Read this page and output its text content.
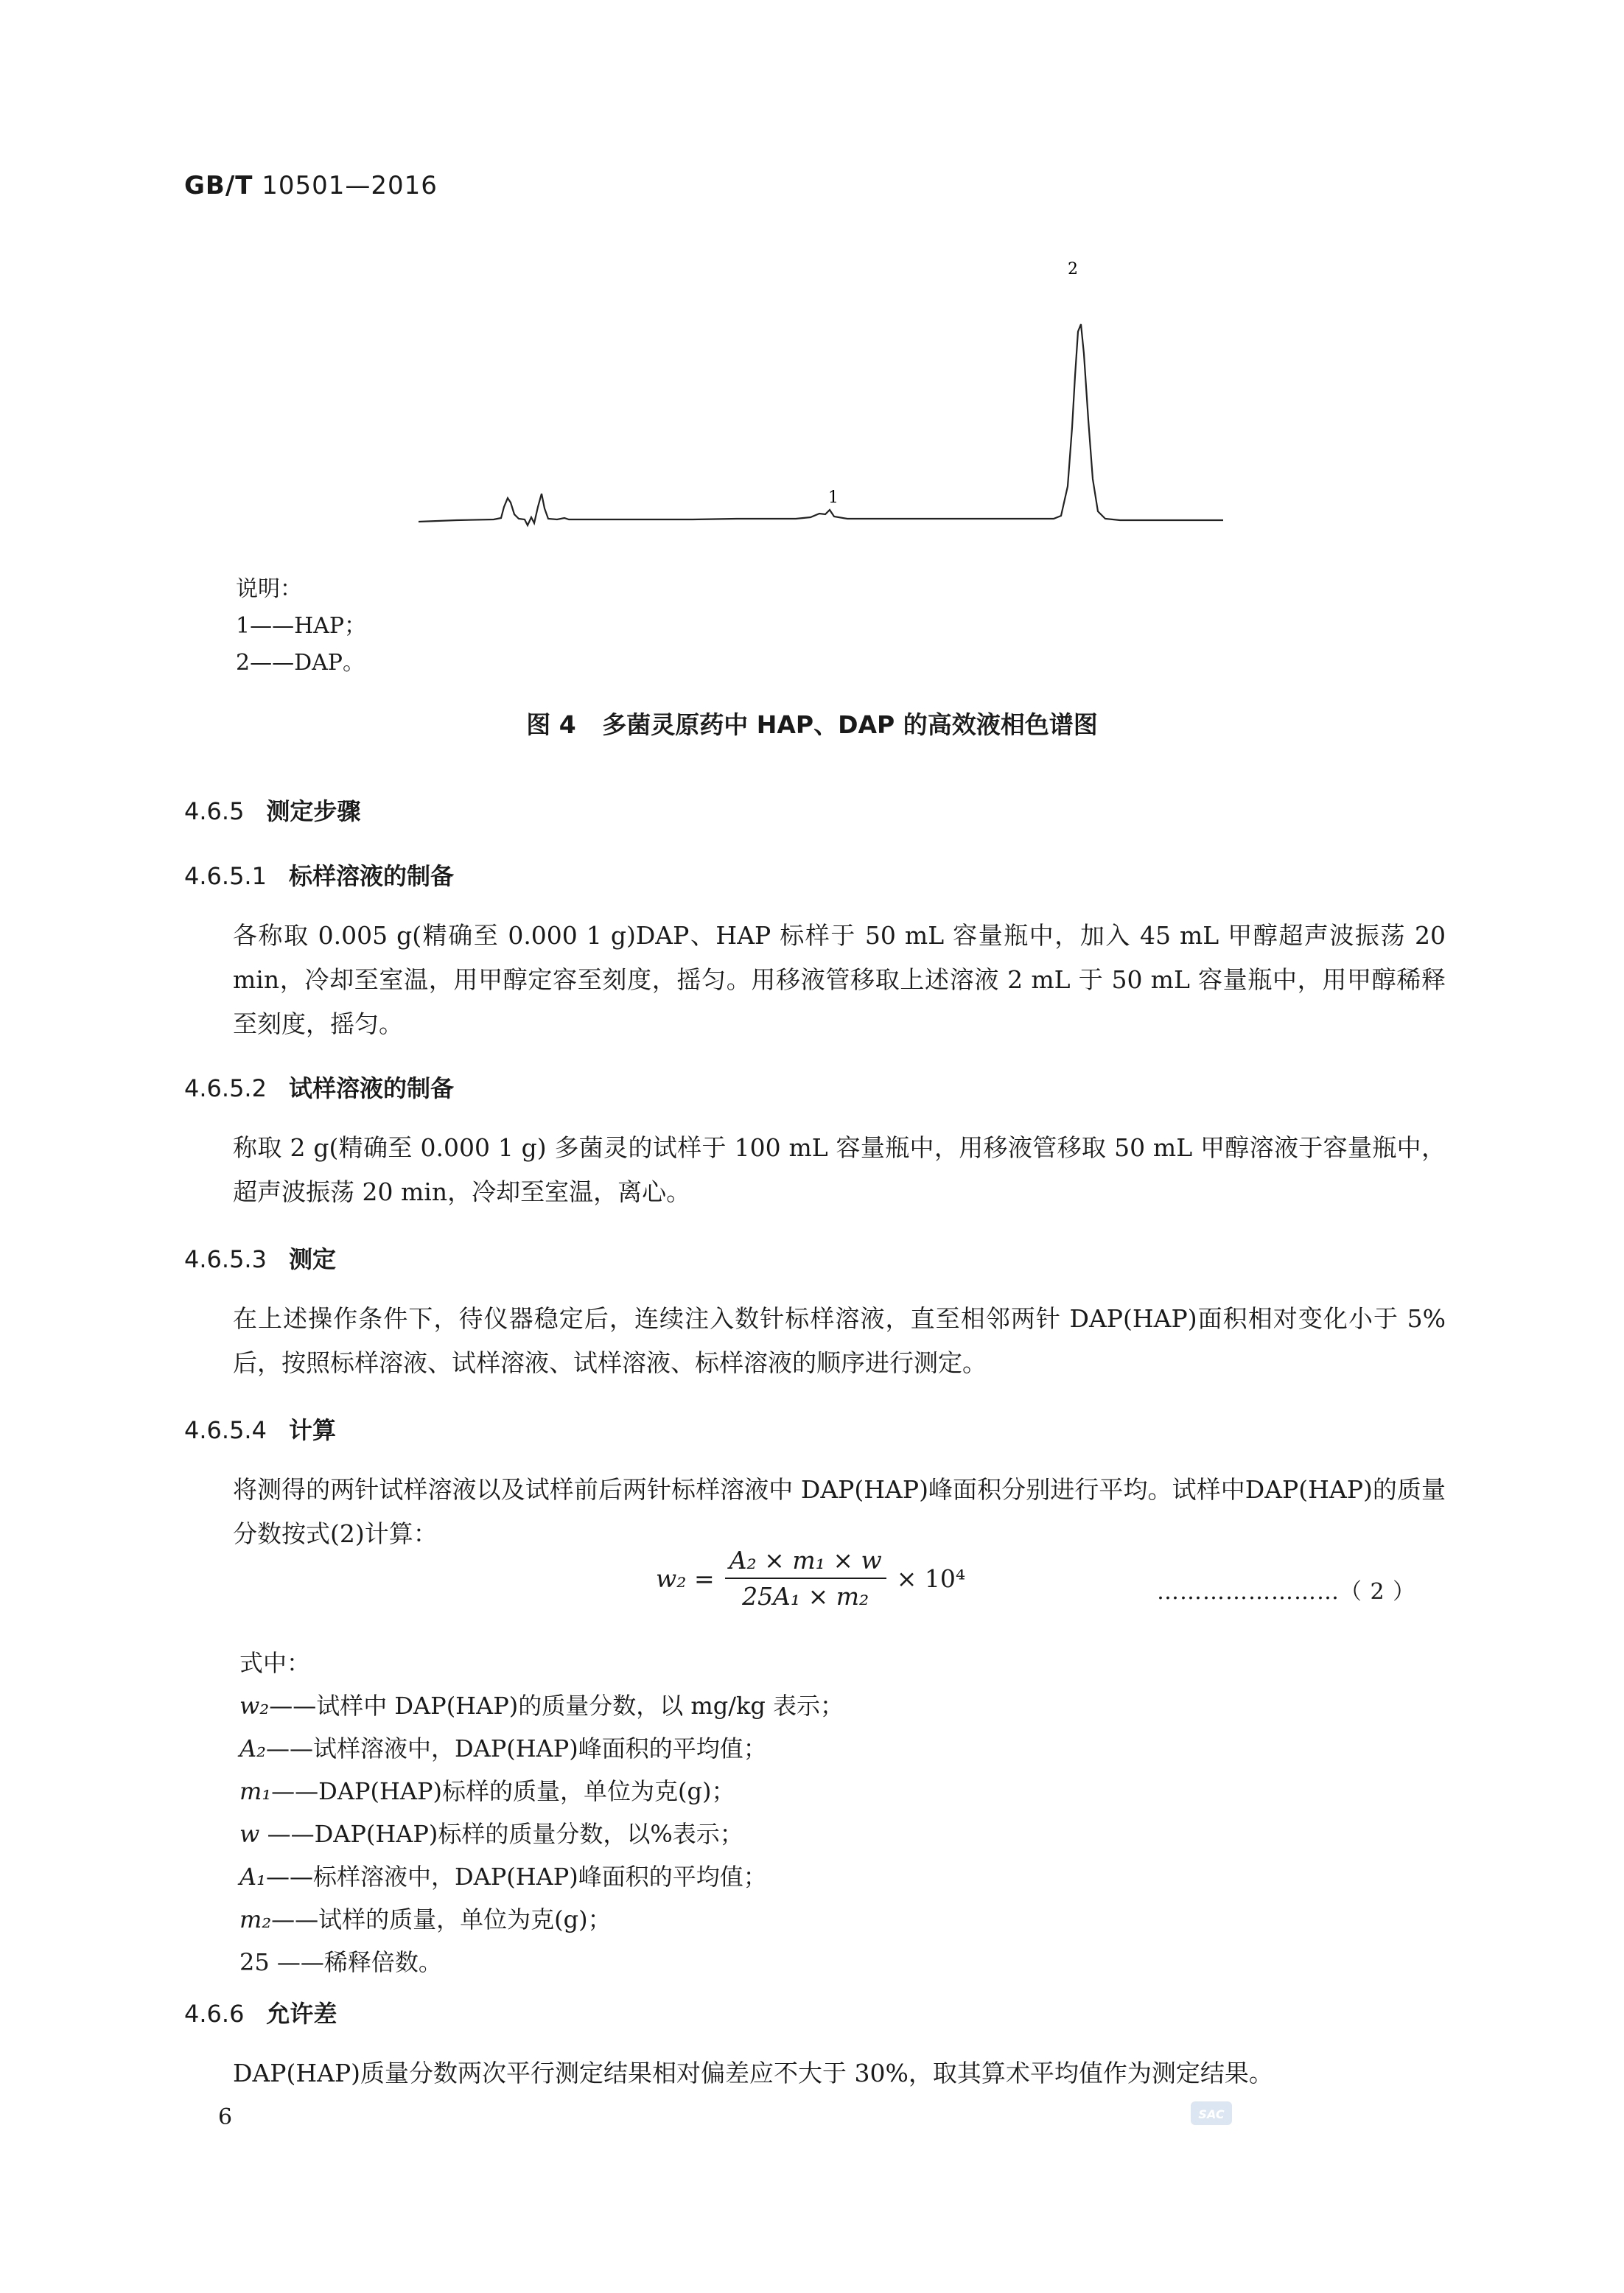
GB/T 10501—2016
1
2
说明：
1——HAP；
2——DAP。
图 4 多菌灵原药中 HAP、DAP 的高效液相色谱图
4.6.5 测定步骤
4.6.5.1 标样溶液的制备
各称取 0.005 g(精确至 0.000 1 g)DAP、HAP 标样于 50 mL 容量瓶中，加入 45 mL 甲醇超声波振荡 20 min，冷却至室温，用甲醇定容至刻度，摇匀。用移液管移取上述溶液 2 mL 于 50 mL 容量瓶中，用甲醇稀释至刻度，摇匀。
4.6.5.2 试样溶液的制备
称取 2 g(精确至 0.000 1 g) 多菌灵的试样于 100 mL 容量瓶中，用移液管移取 50 mL 甲醇溶液于容量瓶中，超声波振荡 20 min，冷却至室温，离心。
4.6.5.3 测定
在上述操作条件下，待仪器稳定后，连续注入数针标样溶液，直至相邻两针 DAP(HAP)面积相对变化小于 5%后，按照标样溶液、试样溶液、试样溶液、标样溶液的顺序进行测定。
4.6.5.4 计算
将测得的两针试样溶液以及试样前后两针标样溶液中 DAP(HAP)峰面积分别进行平均。试样中DAP(HAP)的质量分数按式(2)计算：
$w_2 = \frac{\text{A₂ × m₁ × w}}{\text{25A₁ × m₂}} \times 10^4$	……………………（ 2 ）
式中：
w₂——试样中 DAP(HAP)的质量分数，以 mg/kg 表示；
A₂——试样溶液中，DAP(HAP)峰面积的平均值；
m₁——DAP(HAP)标样的质量，单位为克(g)；
w ——DAP(HAP)标样的质量分数，以%表示；
A₁——标样溶液中，DAP(HAP)峰面积的平均值；
m₂——试样的质量，单位为克(g)；
25 ——稀释倍数。
4.6.6 允许差
DAP(HAP)质量分数两次平行测定结果相对偏差应不大于 30%，取其算术平均值作为测定结果。
6	SAC
